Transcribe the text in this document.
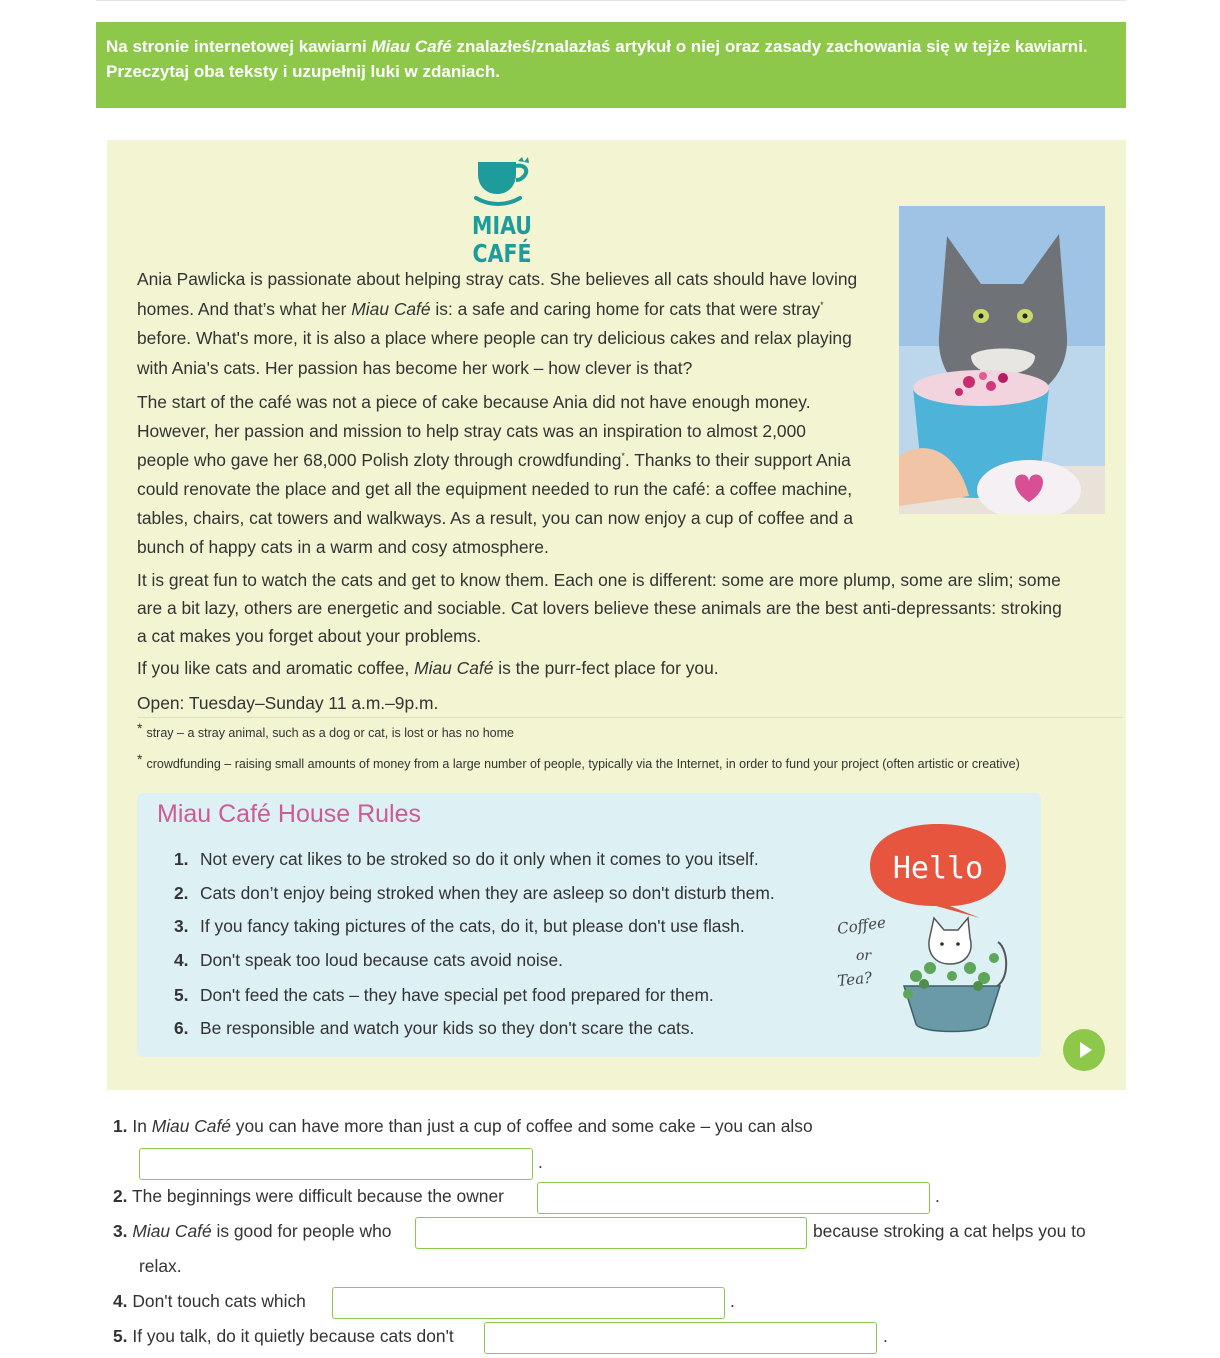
Na stronie internetowej kawiarni Miau Café znalazłeś/znalazłaś artykuł o niej oraz zasady zachowania się w tejże kawiarni.
Przeczytaj oba teksty i uzupełnij luki w zdaniach.
MIAU CAFÉ
Ania Pawlicka is passionate about helping stray cats. She believes all cats should have loving
homes. And that’s what her Miau Café is: a safe and caring home for cats that were stray*
before. What's more, it is also a place where people can try delicious cakes and relax playing
with Ania's cats. Her passion has become her work – how clever is that?
The start of the café was not a piece of cake because Ania did not have enough money.
However, her passion and mission to help stray cats was an inspiration to almost 2,000
people who gave her 68,000 Polish zloty through crowdfunding*. Thanks to their support Ania
could renovate the place and get all the equipment needed to run the café: a coffee machine,
tables, chairs, cat towers and walkways. As a result, you can now enjoy a cup of coffee and a
bunch of happy cats in a warm and cosy atmosphere.
It is great fun to watch the cats and get to know them. Each one is different: some are more plump, some are slim; some
are a bit lazy, others are energetic and sociable. Cat lovers believe these animals are the best anti-depressants: stroking
a cat makes you forget about your problems.
If you like cats and aromatic coffee, Miau Café is the purr-fect place for you.
Open: Tuesday–Sunday 11 a.m.–9p.m.
* stray – a stray animal, such as a dog or cat, is lost or has no home
* crowdfunding – raising small amounts of money from a large number of people, typically via the Internet, in order to fund your project (often artistic or creative)
Miau Café House Rules
1. Not every cat likes to be stroked so do it only when it comes to you itself.
2. Cats don’t enjoy being stroked when they are asleep so don't disturb them.
3. If you fancy taking pictures of the cats, do it, but please don't use flash.
4. Don't speak too loud because cats avoid noise.
5. Don't feed the cats – they have special pet food prepared for them.
6. Be responsible and watch your kids so they don't scare the cats.
Hello
Coffee
or
Tea?
1. In Miau Café you can have more than just a cup of coffee and some cake – you can also
.
2. The beginnings were difficult because the owner	.
3. Miau Café is good for people who	because stroking a cat helps you to
relax.
4. Don't touch cats which	.
5. If you talk, do it quietly because cats don't	.
